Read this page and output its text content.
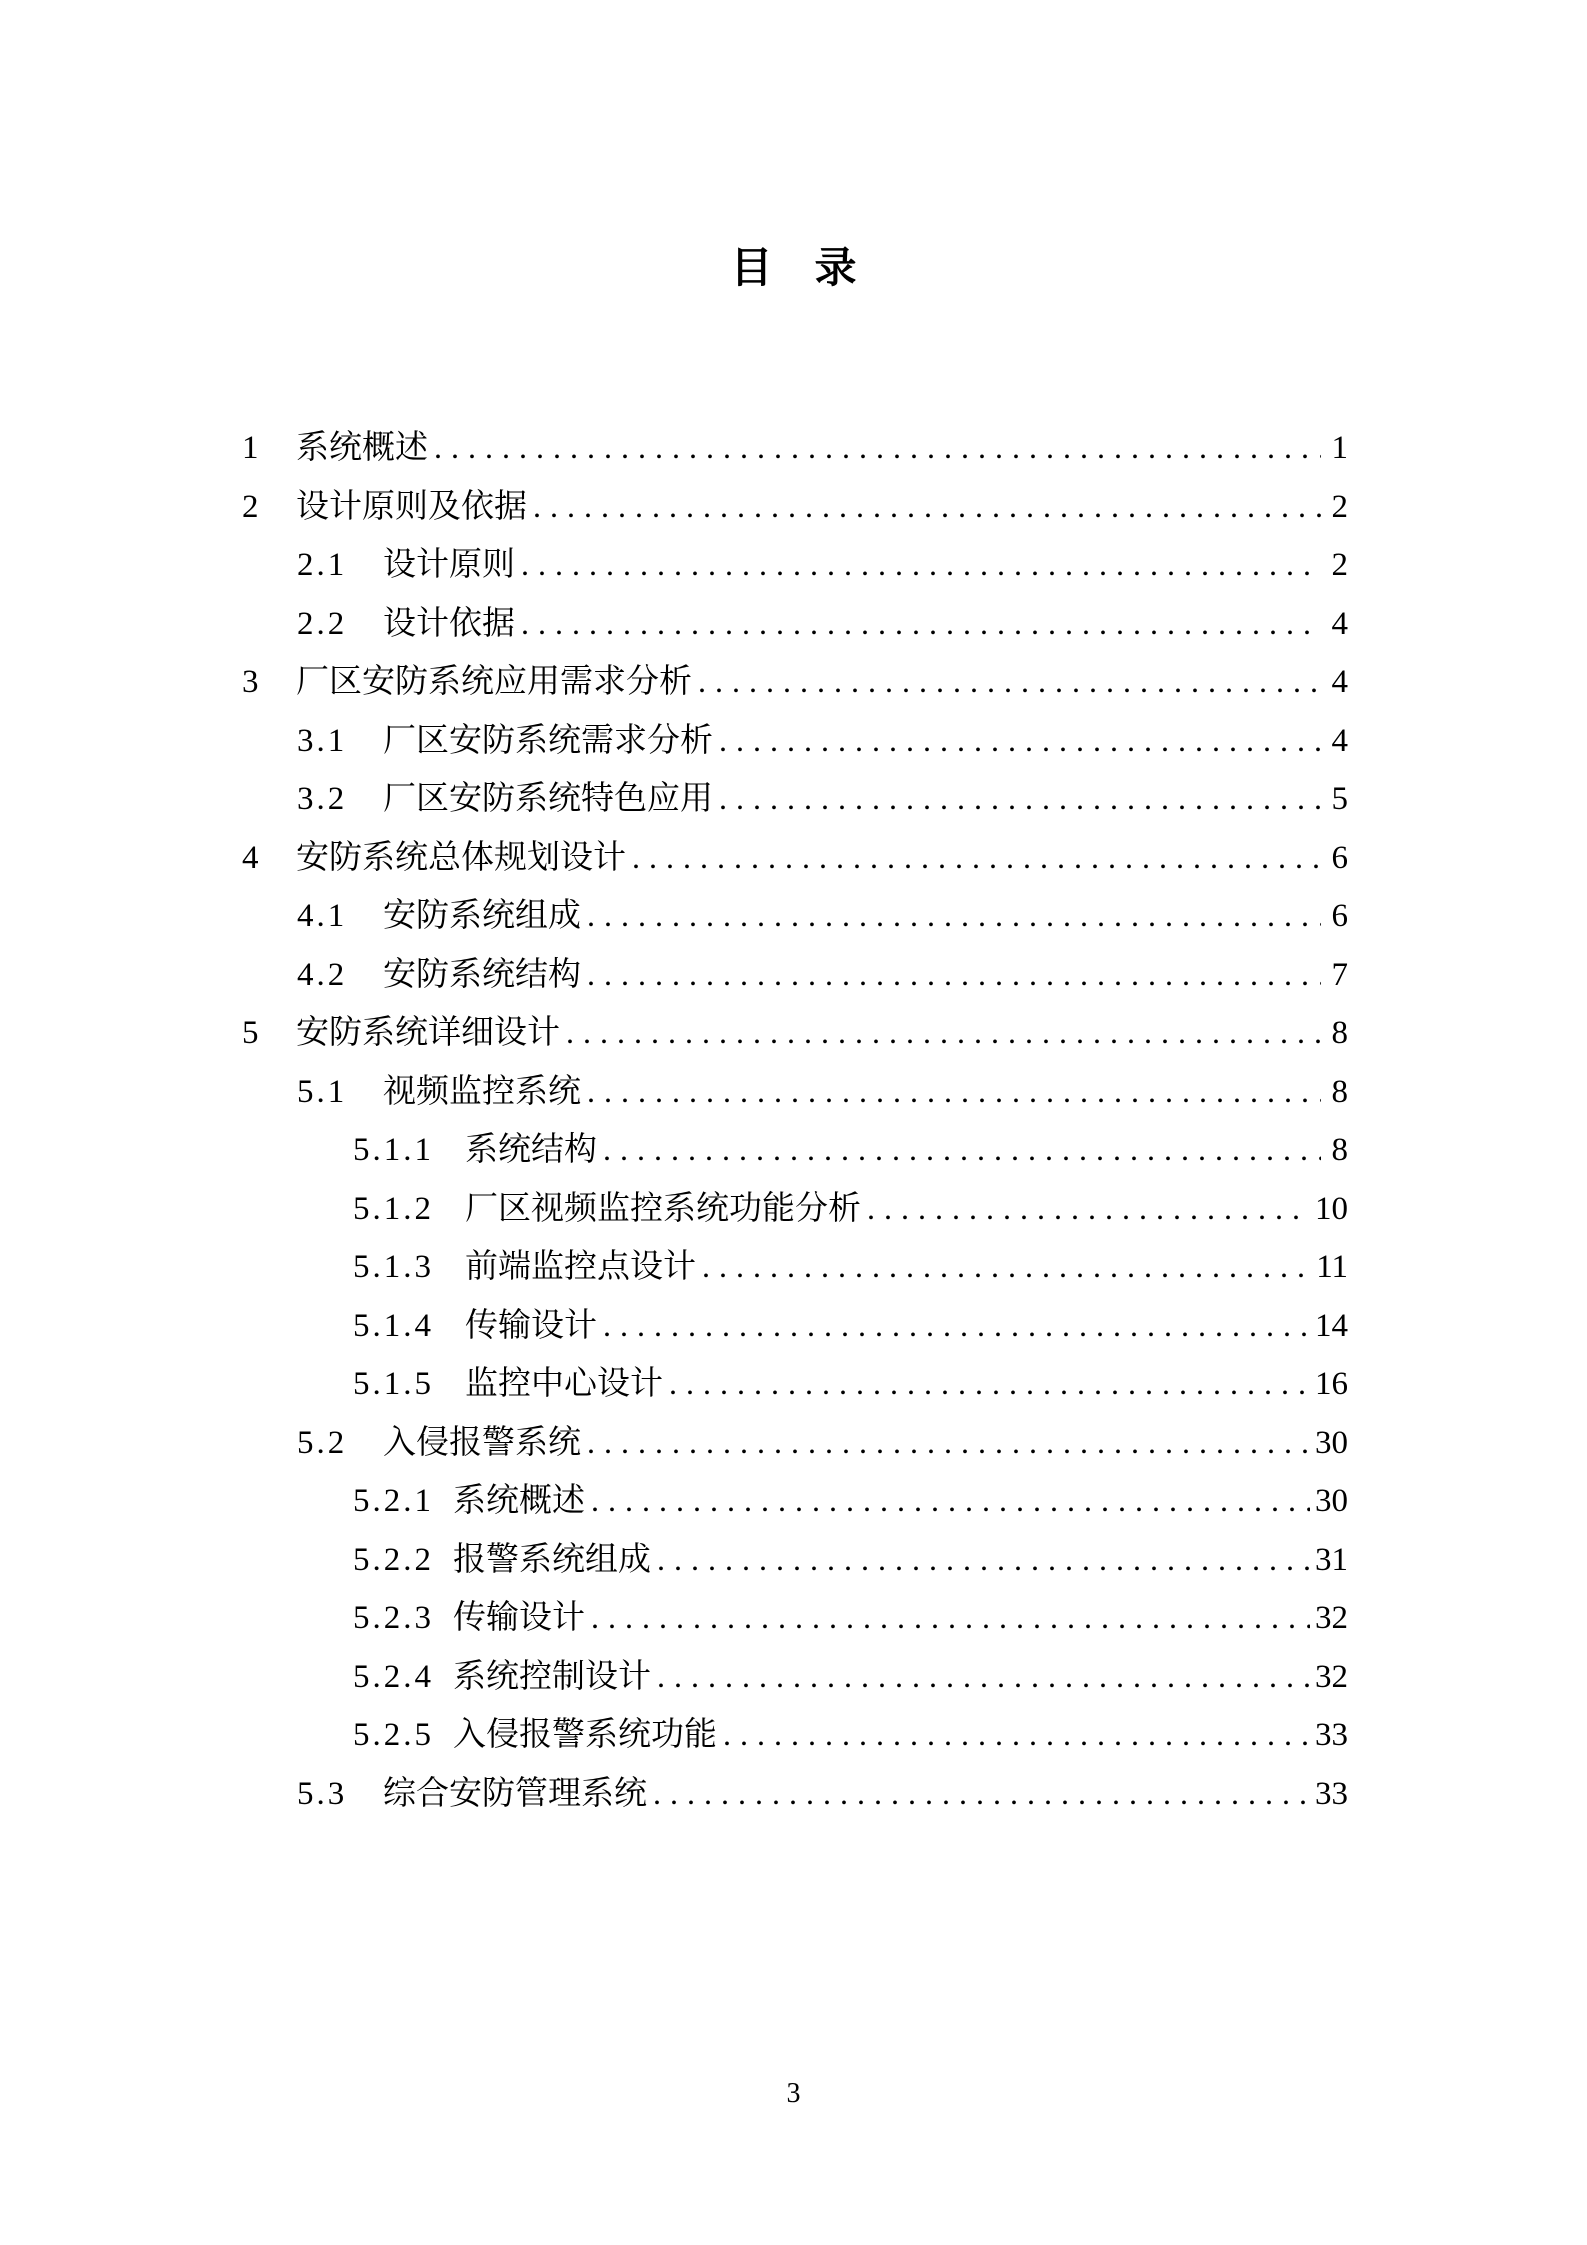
目　录
1	系统概述 .....	1
2	设计原则及依据 .....	2
2.1	设计原则 .....	2
2.2	设计依据 .....	4
3	厂区安防系统应用需求分析 .....	4
3.1	厂区安防系统需求分析 .....	4
3.2	厂区安防系统特色应用 .....	5
4	安防系统总体规划设计 .....	6
4.1	安防系统组成 .....	6
4.2	安防系统结构 .....	7
5	安防系统详细设计 .....	8
5.1	视频监控系统 .....	8
5.1.1 系统结构 .....	8
5.1.2 厂区视频监控系统功能分析 .....	10
5.1.3 前端监控点设计 .....	11
5.1.4 传输设计 .....	14
5.1.5 监控中心设计 .....	16
5.2	入侵报警系统 .....	30
5.2.1 系统概述 .....	30
5.2.2 报警系统组成 .....	31
5.2.3 传输设计 .....	32
5.2.4 系统控制设计 .....	32
5.2.5 入侵报警系统功能 .....	33
5.3	综合安防管理系统 .....	33
3
